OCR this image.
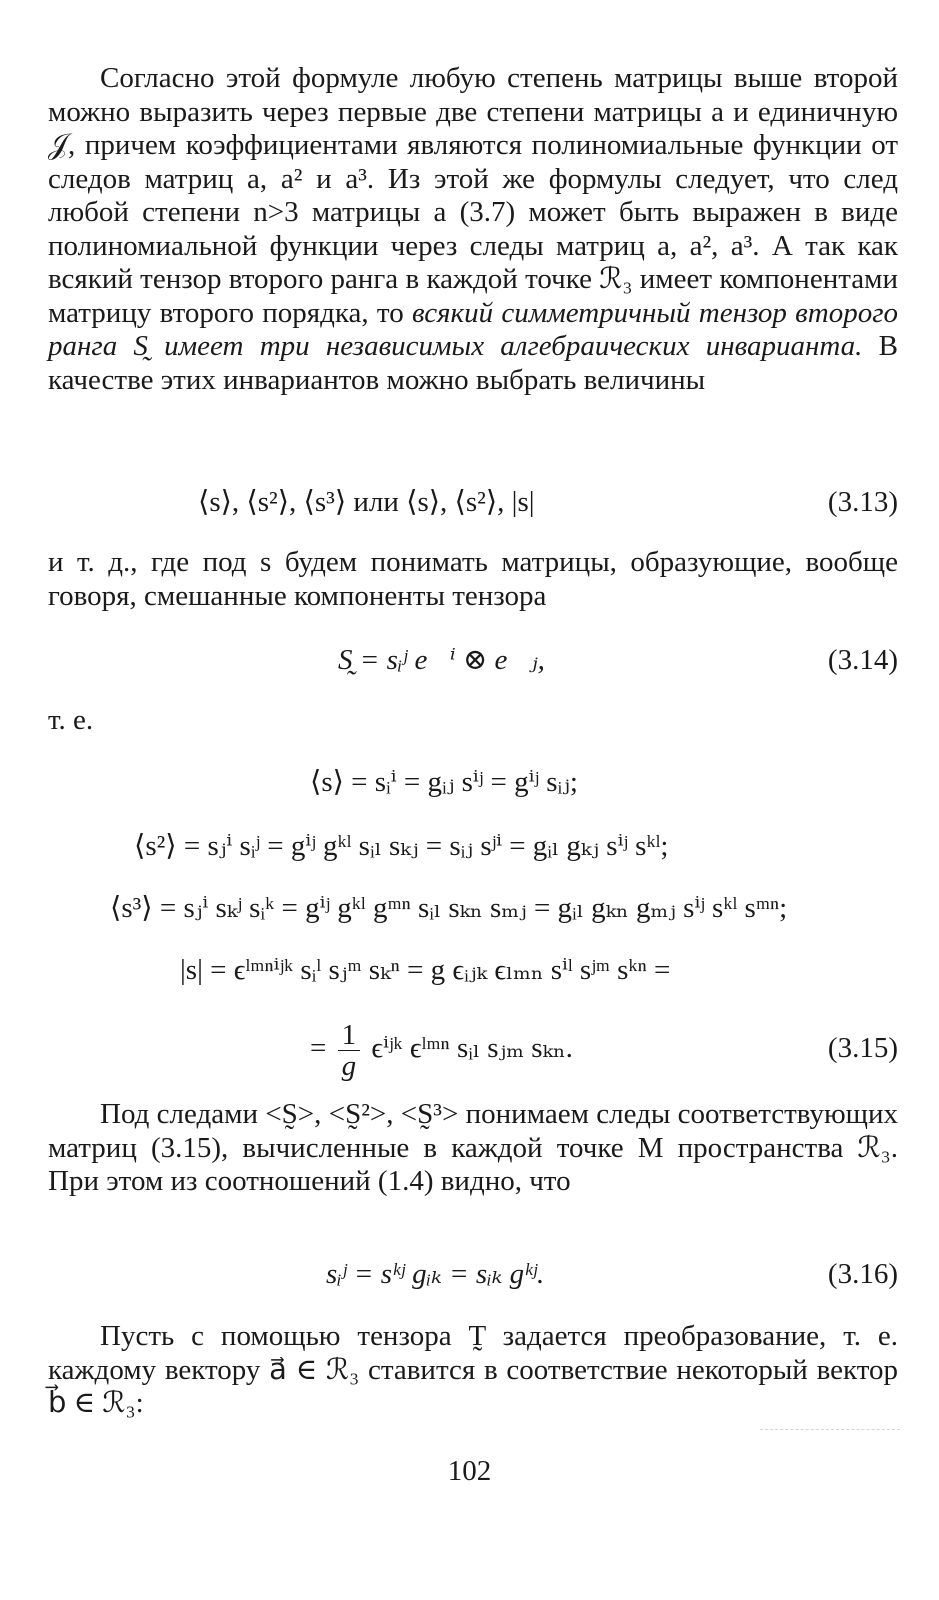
Согласно этой формуле любую степень матрицы выше второй можно выразить через первые две степени матрицы a и единичную 𝒥, причем коэффициентами являются полиномиальные функции от следов матриц a, a² и a³. Из этой же формулы следует, что след любой степени n>3 матрицы a (3.7) может быть выражен в виде полиномиальной функции через следы матриц a, a², a³. А так как всякий тензор второго ранга в каждой точке ℛ₃ имеет компонентами матрицу второго порядка, то всякий симметричный тензор второго ранга S̰ имеет три независимых алгебраических инварианта. В качестве этих инвариантов можно выбрать величины

⟨s⟩, ⟨s²⟩, ⟨s³⟩ или ⟨s⟩, ⟨s²⟩, |s|	(3.13)

и т. д., где под s будем понимать матрицы, образующие, вообще говоря, смешанные компоненты тензора

S̰ = sᵢʲ e⃗ⁱ ⊗ e⃗ⱼ,	(3.14)

т. е.

⟨s⟩ = sᵢⁱ = gᵢⱼ sⁱʲ = gⁱʲ sᵢⱼ;
⟨s²⟩ = sⱼⁱ sᵢʲ = gⁱʲ gᵏˡ sᵢₗ sₖⱼ = sᵢⱼ sʲⁱ = gᵢₗ gₖⱼ sⁱʲ sᵏˡ;
⟨s³⟩ = sⱼⁱ sₖʲ sᵢᵏ = gⁱʲ gᵏˡ gᵐⁿ sᵢₗ sₖₙ sₘⱼ = gᵢₗ gₖₙ gₘⱼ sⁱʲ sᵏˡ sᵐⁿ;
|s| = ϵˡᵐⁿⁱʲᵏ sᵢˡ sⱼᵐ sₖⁿ = g ϵᵢⱼₖ ϵₗₘₙ sⁱˡ sʲᵐ sᵏⁿ =
= $\frac{1}{g}$ ϵⁱʲᵏ ϵˡᵐⁿ sᵢₗ sⱼₘ sₖₙ.	(3.15)

Под следами <S̰>, <S̰²>, <S̰³> понимаем следы соответствующих матриц (3.15), вычисленные в каждой точке M пространства ℛ₃. При этом из соотношений (1.4) видно, что

sᵢʲ = sᵏʲ gᵢₖ = sᵢₖ gᵏʲ.	(3.16)

Пусть с помощью тензора T̰ задается преобразование, т. е. каждому вектору a⃗ ∈ ℛ₃ ставится в соответствие некоторый вектор b⃗ ∈ ℛ₃:

102
